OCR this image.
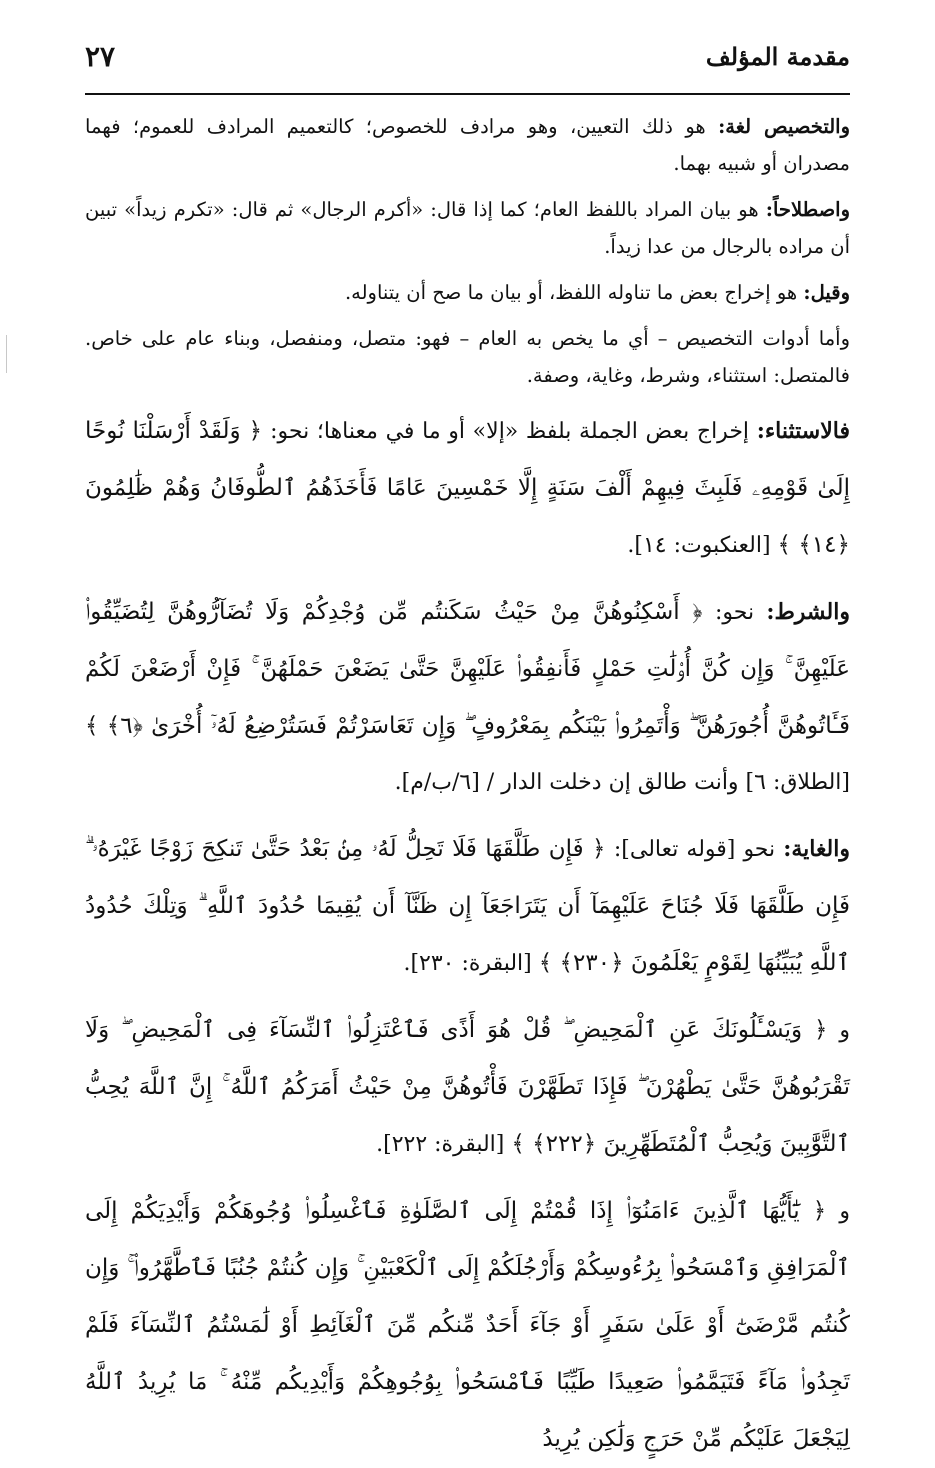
٢٧	مقدمة المؤلف

والتخصيص لغة: هو ذلك التعيين، وهو مرادف للخصوص؛ كالتعميم المرادف للعموم؛ فهما مصدران أو شبيه بهما.

واصطلاحاً: هو بيان المراد باللفظ العام؛ كما إذا قال: «أكرم الرجال» ثم قال: «تكرم زيداً» تبين أن مراده بالرجال من عدا زيداً.

وقيل: هو إخراج بعض ما تناوله اللفظ، أو بيان ما صح أن يتناوله.

وأما أدوات التخصيص – أي ما يخص به العام – فهو: متصل، ومنفصل، وبناء عام على خاص. فالمتصل: استثناء، وشرط، وغاية، وصفة.

فالاستثناء: إخراج بعض الجملة بلفظ «إلا» أو ما في معناها؛ نحو: ﴿ وَلَقَدْ أَرْسَلْنَا نُوحًا إِلَىٰ قَوْمِهِۦ فَلَبِثَ فِيهِمْ أَلْفَ سَنَةٍ إِلَّا خَمْسِينَ عَامًا فَأَخَذَهُمُ ٱلطُّوفَانُ وَهُمْ ظَٰلِمُونَ ﴿١٤﴾ ﴾ [العنكبوت: ١٤].

والشرط: نحو: ﴿ أَسْكِنُوهُنَّ مِنْ حَيْثُ سَكَنتُم مِّن وُجْدِكُمْ وَلَا تُضَآرُّوهُنَّ لِتُضَيِّقُوا۟ عَلَيْهِنَّ ۚ وَإِن كُنَّ أُو۟لَٰتِ حَمْلٍ فَأَنفِقُوا۟ عَلَيْهِنَّ حَتَّىٰ يَضَعْنَ حَمْلَهُنَّ ۚ فَإِنْ أَرْضَعْنَ لَكُمْ فَـَٔاتُوهُنَّ أُجُورَهُنَّ ۖ وَأْتَمِرُوا۟ بَيْنَكُم بِمَعْرُوفٍ ۖ وَإِن تَعَاسَرْتُمْ فَسَتُرْضِعُ لَهُۥٓ أُخْرَىٰ ﴿٦﴾ ﴾ [الطلاق: ٦] وأنت طالق إن دخلت الدار / [٦/ب/م].

والغاية: نحو [قوله تعالى]: ﴿ فَإِن طَلَّقَهَا فَلَا تَحِلُّ لَهُۥ مِنۢ بَعْدُ حَتَّىٰ تَنكِحَ زَوْجًا غَيْرَهُۥ ۗ فَإِن طَلَّقَهَا فَلَا جُنَاحَ عَلَيْهِمَآ أَن يَتَرَاجَعَآ إِن ظَنَّآ أَن يُقِيمَا حُدُودَ ٱللَّهِ ۗ وَتِلْكَ حُدُودُ ٱللَّهِ يُبَيِّنُهَا لِقَوْمٍ يَعْلَمُونَ ﴿٢٣٠﴾ ﴾ [البقرة: ٢٣٠].

و ﴿ وَيَسْـَٔلُونَكَ عَنِ ٱلْمَحِيضِ ۖ قُلْ هُوَ أَذًى فَٱعْتَزِلُوا۟ ٱلنِّسَآءَ فِى ٱلْمَحِيضِ ۖ وَلَا تَقْرَبُوهُنَّ حَتَّىٰ يَطْهُرْنَ ۖ فَإِذَا تَطَهَّرْنَ فَأْتُوهُنَّ مِنْ حَيْثُ أَمَرَكُمُ ٱللَّهُ ۚ إِنَّ ٱللَّهَ يُحِبُّ ٱلتَّوَّٰبِينَ وَيُحِبُّ ٱلْمُتَطَهِّرِينَ ﴿٢٢٢﴾ ﴾ [البقرة: ٢٢٢].

و ﴿ يَٰٓأَيُّهَا ٱلَّذِينَ ءَامَنُوٓا۟ إِذَا قُمْتُمْ إِلَى ٱلصَّلَوٰةِ فَٱغْسِلُوا۟ وُجُوهَكُمْ وَأَيْدِيَكُمْ إِلَى ٱلْمَرَافِقِ وَٱمْسَحُوا۟ بِرُءُوسِكُمْ وَأَرْجُلَكُمْ إِلَى ٱلْكَعْبَيْنِ ۚ وَإِن كُنتُمْ جُنُبًا فَٱطَّهَّرُوا۟ ۚ وَإِن كُنتُم مَّرْضَىٰٓ أَوْ عَلَىٰ سَفَرٍ أَوْ جَآءَ أَحَدٌ مِّنكُم مِّنَ ٱلْغَآئِطِ أَوْ لَٰمَسْتُمُ ٱلنِّسَآءَ فَلَمْ تَجِدُوا۟ مَآءً فَتَيَمَّمُوا۟ صَعِيدًا طَيِّبًا فَٱمْسَحُوا۟ بِوُجُوهِكُمْ وَأَيْدِيكُم مِّنْهُ ۚ مَا يُرِيدُ ٱللَّهُ لِيَجْعَلَ عَلَيْكُم مِّنْ حَرَجٍ وَلَٰكِن يُرِيدُ
